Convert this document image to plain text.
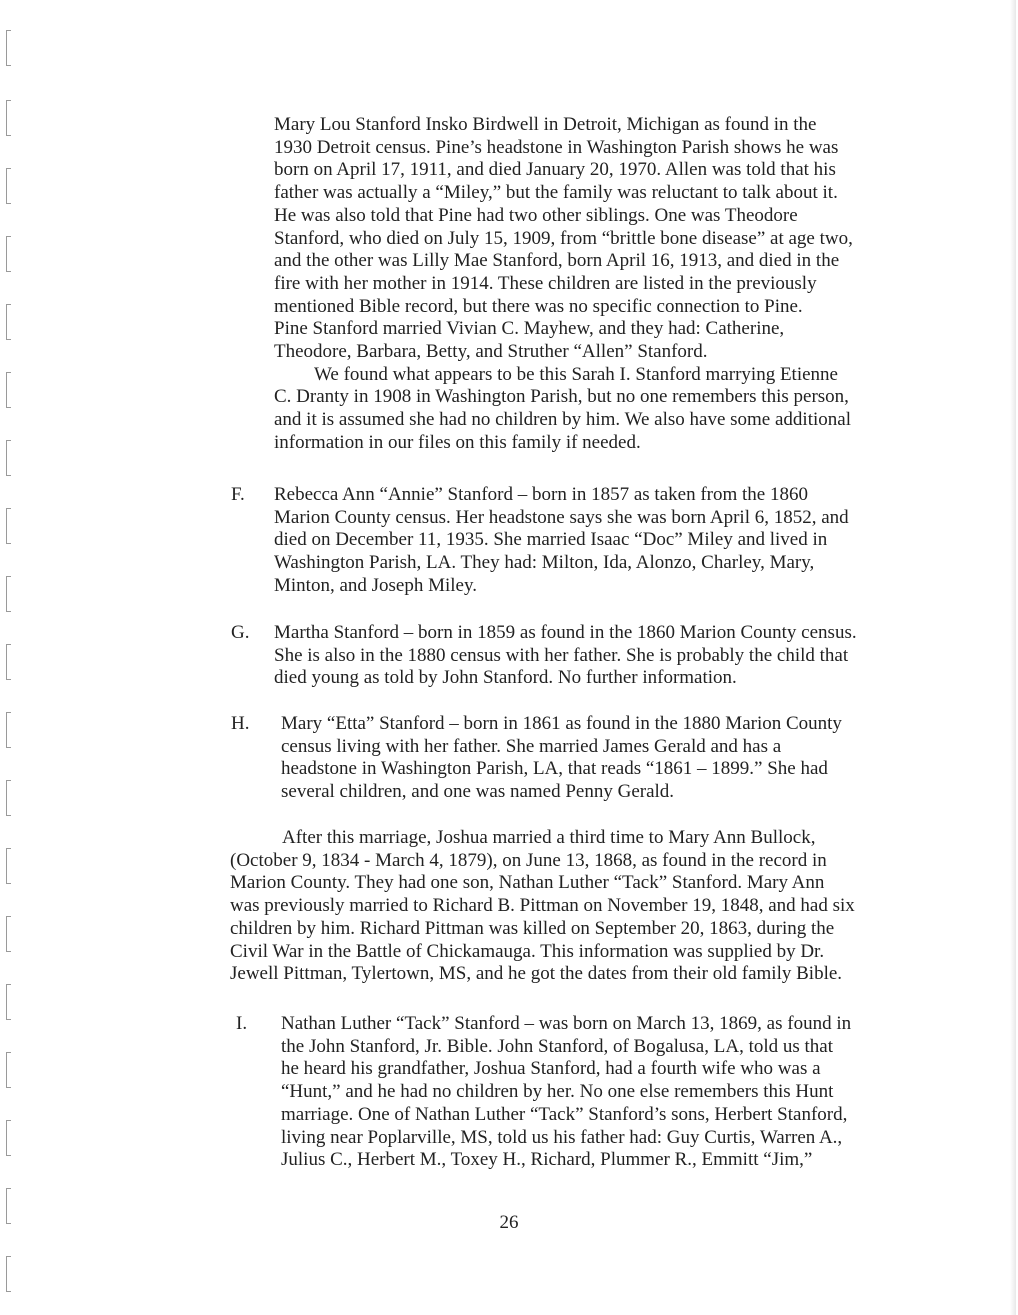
Mary Lou Stanford Insko Birdwell in Detroit, Michigan as found in the
1930 Detroit census. Pine’s headstone in Washington Parish shows he was
born on April 17, 1911, and died January 20, 1970. Allen was told that his
father was actually a “Miley,” but the family was reluctant to talk about it.
He was also told that Pine had two other siblings. One was Theodore
Stanford, who died on July 15, 1909, from “brittle bone disease” at age two,
and the other was Lilly Mae Stanford, born April 16, 1913, and died in the
fire with her mother in 1914. These children are listed in the previously
mentioned Bible record, but there was no specific connection to Pine.
Pine Stanford married Vivian C. Mayhew, and they had: Catherine,
Theodore, Barbara, Betty, and Struther “Allen” Stanford.
We found what appears to be this Sarah I. Stanford marrying Etienne
C. Dranty in 1908 in Washington Parish, but no one remembers this person,
and it is assumed she had no children by him. We also have some additional
information in our files on this family if needed.
F. Rebecca Ann “Annie” Stanford – born in 1857 as taken from the 1860
Marion County census. Her headstone says she was born April 6, 1852, and
died on December 11, 1935. She married Isaac “Doc” Miley and lived in
Washington Parish, LA. They had: Milton, Ida, Alonzo, Charley, Mary,
Minton, and Joseph Miley.
G. Martha Stanford – born in 1859 as found in the 1860 Marion County census.
She is also in the 1880 census with her father. She is probably the child that
died young as told by John Stanford. No further information.
H. Mary “Etta” Stanford – born in 1861 as found in the 1880 Marion County
census living with her father. She married James Gerald and has a
headstone in Washington Parish, LA, that reads “1861 – 1899.” She had
several children, and one was named Penny Gerald.
After this marriage, Joshua married a third time to Mary Ann Bullock,
(October 9, 1834 - March 4, 1879), on June 13, 1868, as found in the record in
Marion County. They had one son, Nathan Luther “Tack” Stanford. Mary Ann
was previously married to Richard B. Pittman on November 19, 1848, and had six
children by him. Richard Pittman was killed on September 20, 1863, during the
Civil War in the Battle of Chickamauga. This information was supplied by Dr.
Jewell Pittman, Tylertown, MS, and he got the dates from their old family Bible.
I. Nathan Luther “Tack” Stanford – was born on March 13, 1869, as found in
the John Stanford, Jr. Bible. John Stanford, of Bogalusa, LA, told us that
he heard his grandfather, Joshua Stanford, had a fourth wife who was a
“Hunt,” and he had no children by her. No one else remembers this Hunt
marriage. One of Nathan Luther “Tack” Stanford’s sons, Herbert Stanford,
living near Poplarville, MS, told us his father had: Guy Curtis, Warren A.,
Julius C., Herbert M., Toxey H., Richard, Plummer R., Emmitt “Jim,”
26
